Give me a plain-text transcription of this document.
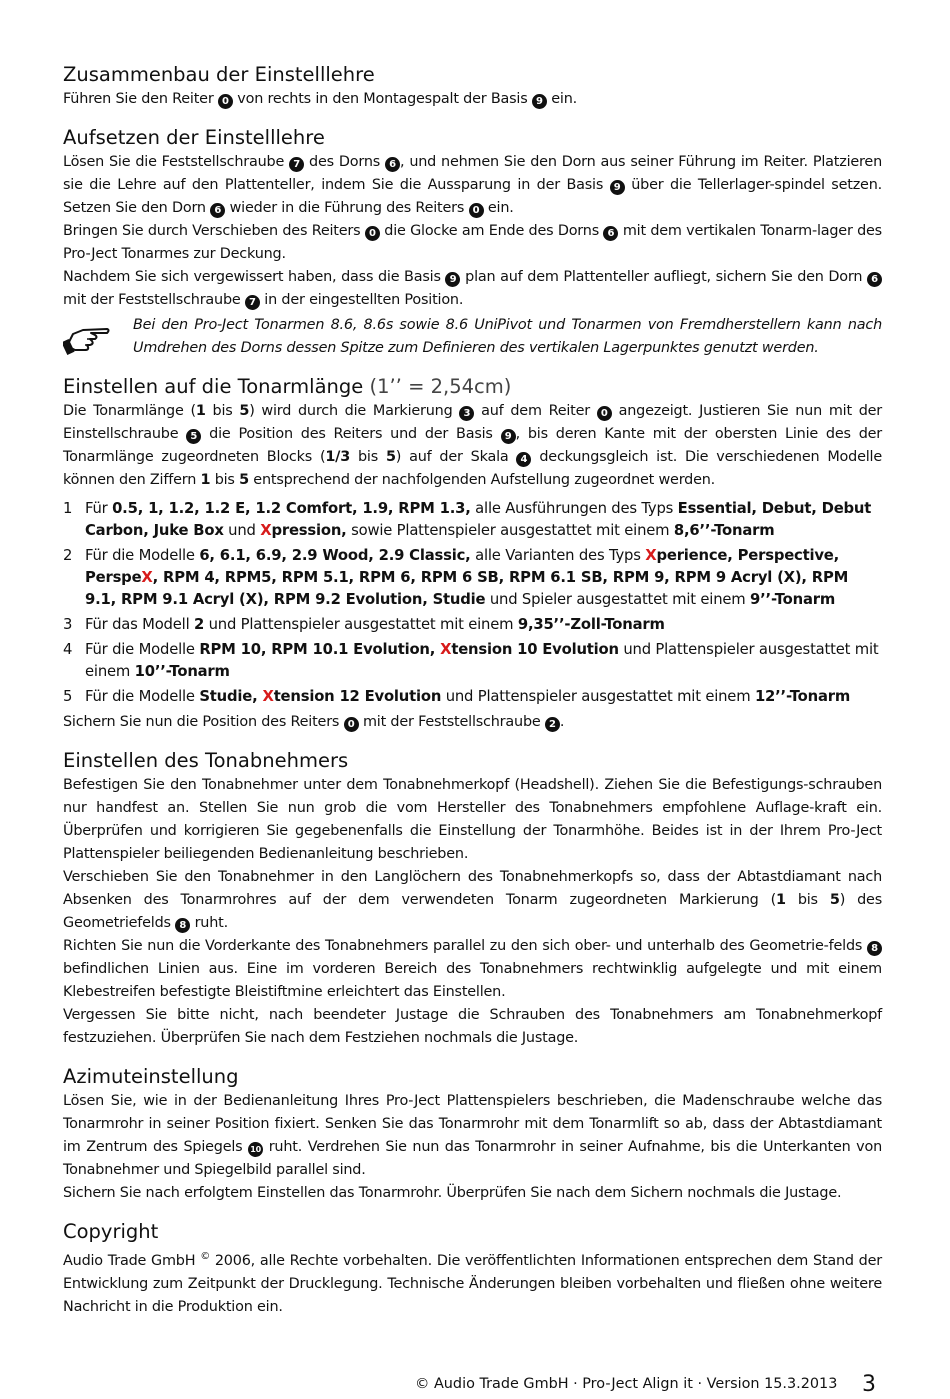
Zusammenbau der Einstelllehre

Führen Sie den Reiter 0 von rechts in den Montagespalt der Basis 9 ein.

Aufsetzen der Einstelllehre

Lösen Sie die Feststellschraube 7 des Dorns 6 , und nehmen Sie den Dorn aus seiner Führung im Reiter. Platzieren sie die Lehre auf den Plattenteller, indem Sie die Aussparung in der Basis 9 über die Tellerlager-spindel setzen. Setzen Sie den Dorn 6 wieder in die Führung des Reiters 0 ein.

Bringen Sie durch Verschieben des Reiters 0 die Glocke am Ende des Dorns 6 mit dem vertikalen Tonarm-lager des Pro-Ject Tonarmes zur Deckung.

Nachdem Sie sich vergewissert haben, dass die Basis 9 plan auf dem Plattenteller aufliegt, sichern Sie den Dorn 6 mit der Feststellschraube 7 in der eingestellten Position.

Bei den Pro-Ject Tonarmen 8.6, 8.6s sowie 8.6 UniPivot und Tonarmen von Fremdherstellern kann nach Umdrehen des Dorns dessen Spitze zum Definieren des vertikalen Lagerpunktes genutzt werden.

Einstellen auf die Tonarmlänge (1’’ = 2,54cm)

Die Tonarmlänge (1 bis 5) wird durch die Markierung 3 auf dem Reiter 0 angezeigt. Justieren Sie nun mit der Einstellschraube 5 die Position des Reiters und der Basis 9 , bis deren Kante mit der obersten Linie des der Tonarmlänge zugeordneten Blocks (1/3 bis 5) auf der Skala 4 deckungsgleich ist. Die verschiedenen Modelle können den Ziffern 1 bis 5 entsprechend der nachfolgenden Aufstellung zugeordnet werden.

1 Für 0.5, 1, 1.2, 1.2 E, 1.2 Comfort, 1.9, RPM 1.3, alle Ausführungen des Typs Essential, Debut, Debut Carbon, Juke Box und Xpression, sowie Plattenspieler ausgestattet mit einem 8,6’’-Tonarm
2 Für die Modelle 6, 6.1, 6.9, 2.9 Wood, 2.9 Classic, alle Varianten des Typs Xperience, Perspective, PerspeX, RPM 4, RPM5, RPM 5.1, RPM 6, RPM 6 SB, RPM 6.1 SB, RPM 9, RPM 9 Acryl (X), RPM 9.1, RPM 9.1 Acryl (X), RPM 9.2 Evolution, Studie und Spieler ausgestattet mit einem 9’’-Tonarm
3 Für das Modell 2 und Plattenspieler ausgestattet mit einem 9,35’’-Zoll-Tonarm
4 Für die Modelle RPM 10, RPM 10.1 Evolution, Xtension 10 Evolution und Plattenspieler ausgestattet mit einem 10’’-Tonarm
5 Für die Modelle Studie, Xtension 12 Evolution und Plattenspieler ausgestattet mit einem 12’’-Tonarm

Sichern Sie nun die Position des Reiters 0 mit der Feststellschraube 2 .

Einstellen des Tonabnehmers

Befestigen Sie den Tonabnehmer unter dem Tonabnehmerkopf (Headshell). Ziehen Sie die Befestigungs-schrauben nur handfest an. Stellen Sie nun grob die vom Hersteller des Tonabnehmers empfohlene Auflage-kraft ein. Überprüfen und korrigieren Sie gegebenenfalls die Einstellung der Tonarmhöhe. Beides ist in der Ihrem Pro-Ject Plattenspieler beiliegenden Bedienanleitung beschrieben.

Verschieben Sie den Tonabnehmer in den Langlöchern des Tonabnehmerkopfs so, dass der Abtastdiamant nach Absenken des Tonarmrohres auf der dem verwendeten Tonarm zugeordneten Markierung (1 bis 5) des Geometriefelds 8 ruht.

Richten Sie nun die Vorderkante des Tonabnehmers parallel zu den sich ober- und unterhalb des Geometrie-felds 8 befindlichen Linien aus. Eine im vorderen Bereich des Tonabnehmers rechtwinklig aufgelegte und mit einem Klebestreifen befestigte Bleistiftmine erleichtert das Einstellen.

Vergessen Sie bitte nicht, nach beendeter Justage die Schrauben des Tonabnehmers am Tonabnehmerkopf festzuziehen. Überprüfen Sie nach dem Festziehen nochmals die Justage.

Azimuteinstellung

Lösen Sie, wie in der Bedienanleitung Ihres Pro-Ject Plattenspielers beschrieben, die Madenschraube welche das Tonarmrohr in seiner Position fixiert. Senken Sie das Tonarmrohr mit dem Tonarmlift so ab, dass der Abtastdiamant im Zentrum des Spiegels 10 ruht. Verdrehen Sie nun das Tonarmrohr in seiner Aufnahme, bis die Unterkanten von Tonabnehmer und Spiegelbild parallel sind.

Sichern Sie nach erfolgtem Einstellen das Tonarmrohr. Überprüfen Sie nach dem Sichern nochmals die Justage.

Copyright

Audio Trade GmbH © 2006, alle Rechte vorbehalten. Die veröffentlichten Informationen entsprechen dem Stand der Entwicklung zum Zeitpunkt der Drucklegung. Technische Änderungen bleiben vorbehalten und fließen ohne weitere Nachricht in die Produktion ein.

© Audio Trade GmbH · Pro-Ject Align it · Version 15.3.2013 3
